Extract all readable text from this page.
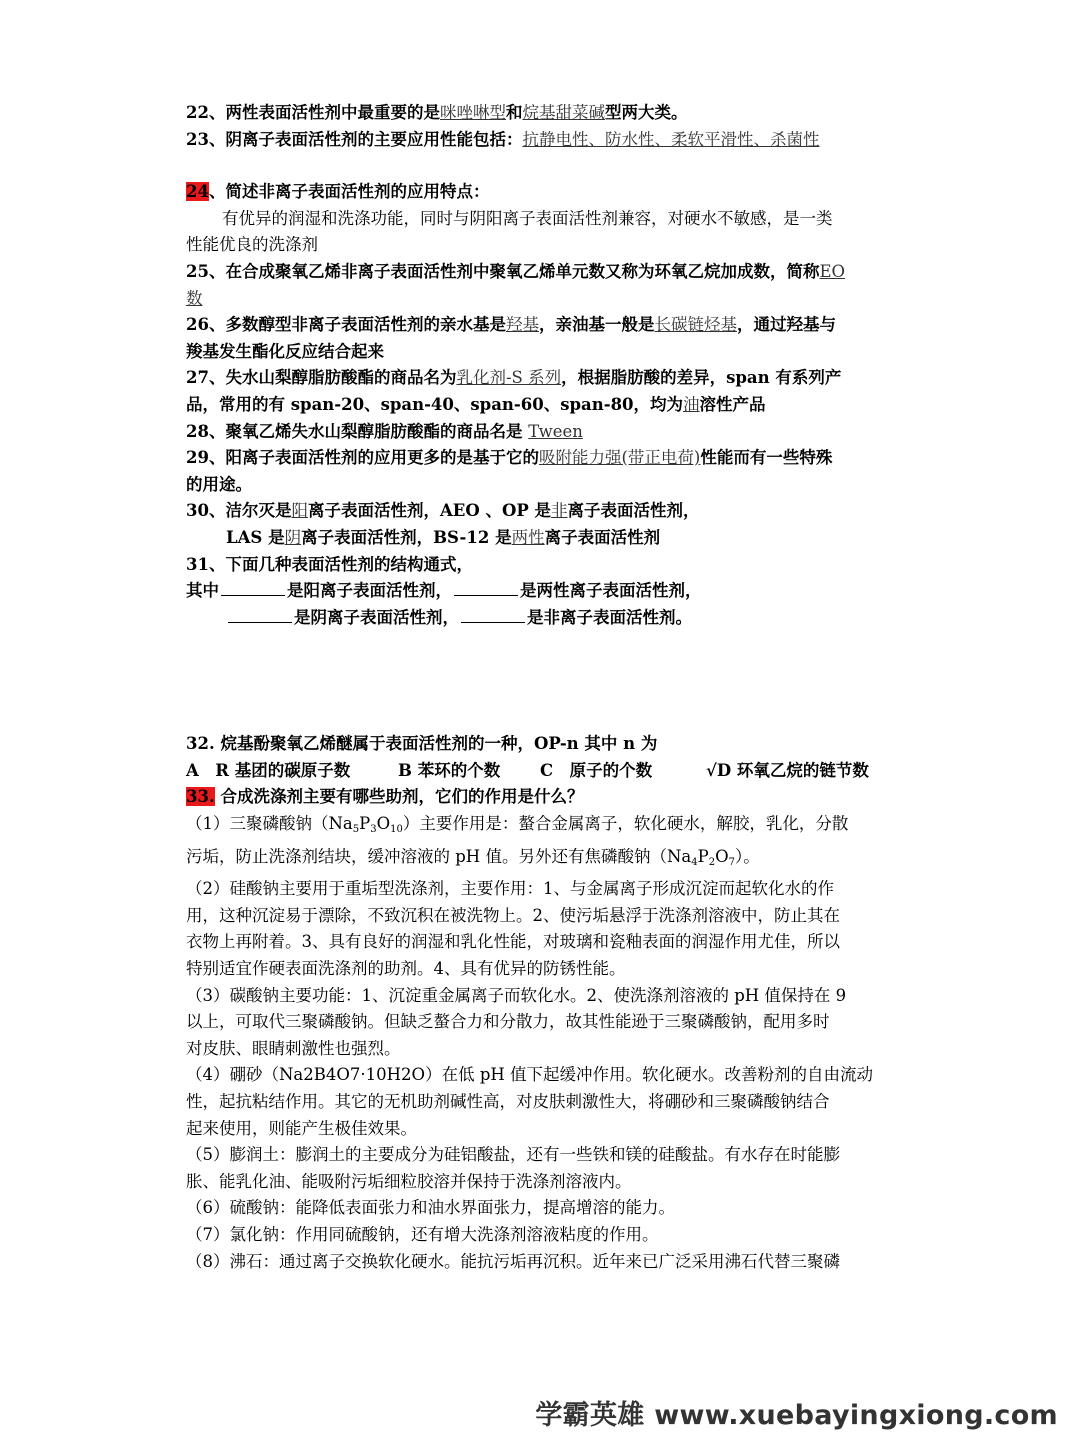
22、两性表面活性剂中最重要的是咪唑啉型和烷基甜菜碱型两大类。
23、阴离子表面活性剂的主要应用性能包括：抗静电性、防水性、柔软平滑性、杀菌性
24、简述非离子表面活性剂的应用特点：
有优异的润湿和洗涤功能，同时与阴阳离子表面活性剂兼容，对硬水不敏感，是一类
性能优良的洗涤剂
25、在合成聚氧乙烯非离子表面活性剂中聚氧乙烯单元数又称为环氧乙烷加成数，简称EO
数
26、多数醇型非离子表面活性剂的亲水基是羟基，亲油基一般是长碳链烃基，通过羟基与
羧基发生酯化反应结合起来
27、失水山梨醇脂肪酸酯的商品名为乳化剂-S 系列，根据脂肪酸的差异，span 有系列产
品，常用的有 span-20、span-40、span-60、span-80，均为油溶性产品
28、聚氧乙烯失水山梨醇脂肪酸酯的商品名是 Tween
29、阳离子表面活性剂的应用更多的是基于它的吸附能力强(带正电荷)性能而有一些特殊
的用途。
30、洁尔灭是阳离子表面活性剂，AEO 、OP 是非离子表面活性剂，
LAS 是阴离子表面活性剂，BS-12 是两性离子表面活性剂
31、下面几种表面活性剂的结构通式，
其中	是阳离子表面活性剂，	是两性离子表面活性剂，
是阴离子表面活性剂，	是非离子表面活性剂。
32. 烷基酚聚氧乙烯醚属于表面活性剂的一种，OP-n 其中 n 为
A　R 基团的碳原子数	B 苯环的个数 C　原子的个数	√D 环氧乙烷的链节数
33. 合成洗涤剂主要有哪些助剂，它们的作用是什么？
（1）三聚磷酸钠$(Na_5P_3O_{10})$主要作用是：螯合金属离子，软化硬水，解胶，乳化，分散
污垢，防止洗涤剂结块，缓冲溶液的 pH 值。另外还有焦磷酸钠$(Na_4P_2O_7)$。
（2）硅酸钠主要用于重垢型洗涤剂，主要作用：1、与金属离子形成沉淀而起软化水的作
用，这种沉淀易于漂除，不致沉积在被洗物上。2、使污垢悬浮于洗涤剂溶液中，防止其在
衣物上再附着。3、具有良好的润湿和乳化性能，对玻璃和瓷釉表面的润湿作用尤佳，所以
特别适宜作硬表面洗涤剂的助剂。4、具有优异的防锈性能。
（3）碳酸钠主要功能：1、沉淀重金属离子而软化水。2、使洗涤剂溶液的 pH 值保持在 9
以上，可取代三聚磷酸钠。但缺乏螯合力和分散力，故其性能逊于三聚磷酸钠，配用多时
对皮肤、眼睛刺激性也强烈。
（4）硼砂（Na2B4O7·10H2O）在低 pH 值下起缓冲作用。软化硬水。改善粉剂的自由流动
性，起抗粘结作用。其它的无机助剂碱性高，对皮肤刺激性大，将硼砂和三聚磷酸钠结合
起来使用，则能产生极佳效果。
（5）膨润土：膨润土的主要成分为硅铝酸盐，还有一些铁和镁的硅酸盐。有水存在时能膨
胀、能乳化油、能吸附污垢细粒胶溶并保持于洗涤剂溶液内。
（6）硫酸钠：能降低表面张力和油水界面张力，提高增溶的能力。
（7）氯化钠：作用同硫酸钠，还有增大洗涤剂溶液粘度的作用。
（8）沸石：通过离子交换软化硬水。能抗污垢再沉积。近年来已广泛采用沸石代替三聚磷
学霸英雄 www.xuebayingxiong.com
